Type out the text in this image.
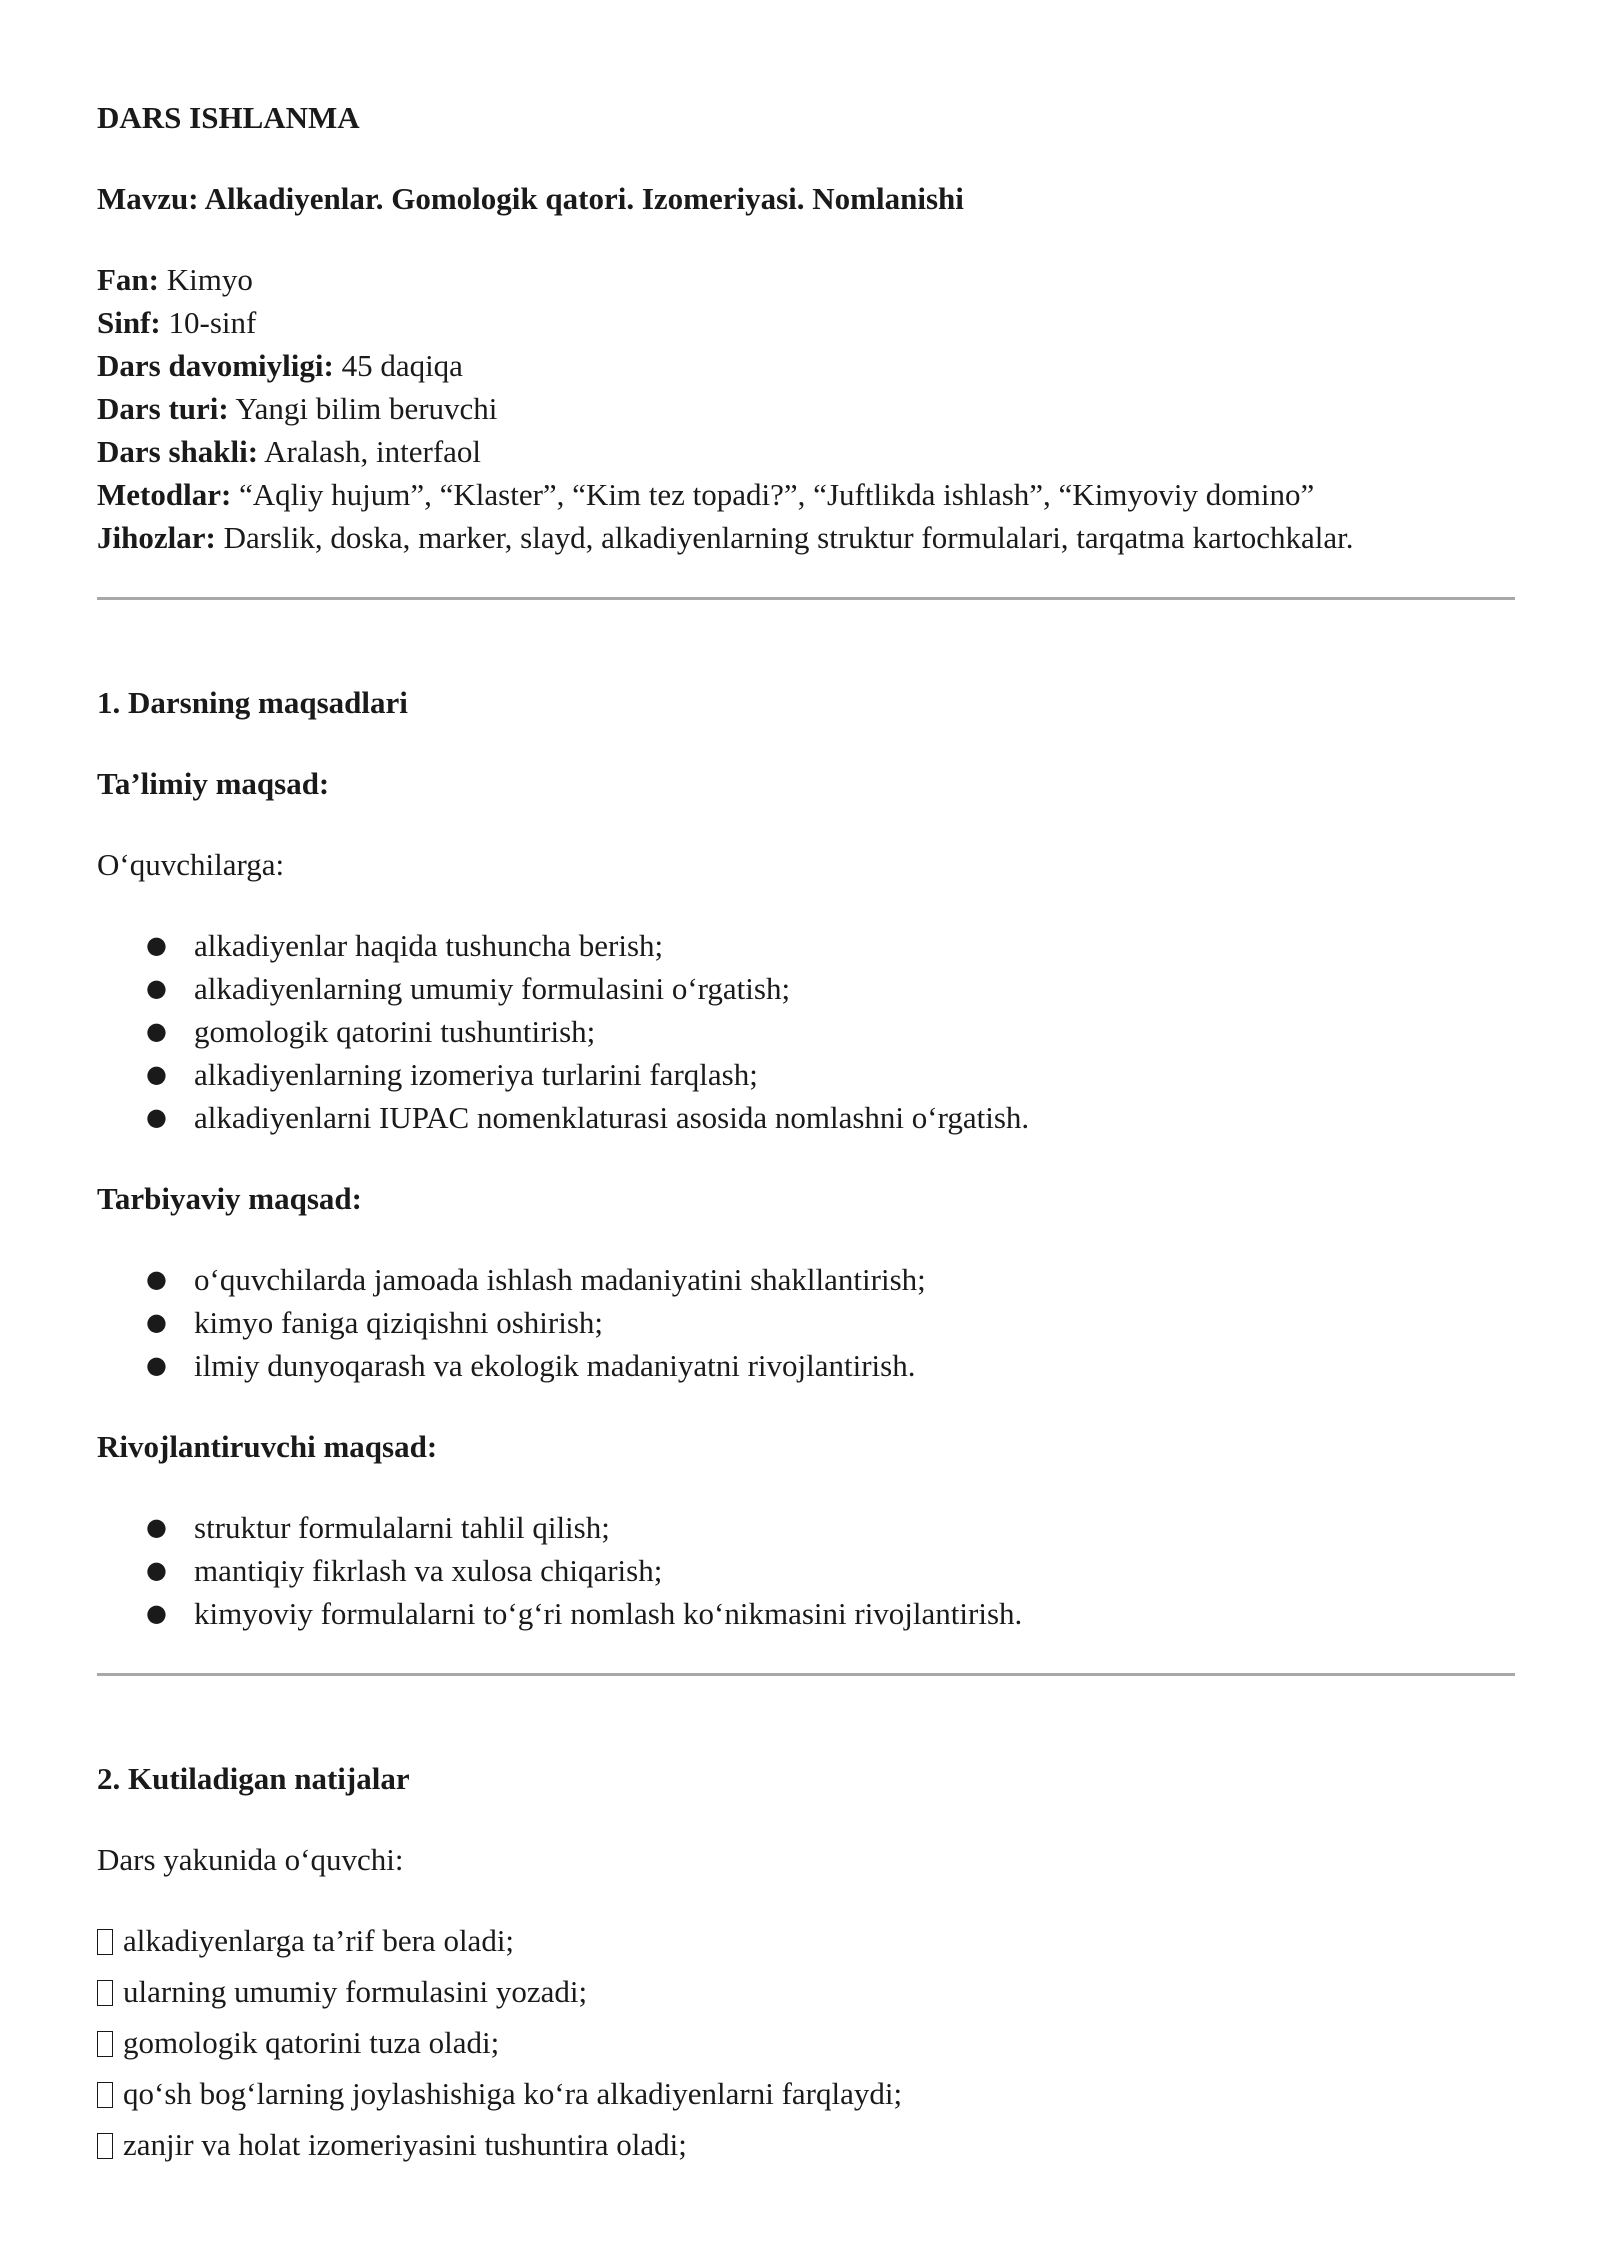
DARS ISHLANMA

Mavzu: Alkadiyenlar. Gomologik qatori. Izomeriyasi. Nomlanishi

Fan: Kimyo

Sinf: 10-sinf

Dars davomiyligi: 45 daqiqa

Dars turi: Yangi bilim beruvchi

Dars shakli: Aralash, interfaol

Metodlar: “Aqliy hujum”, “Klaster”, “Kim tez topadi?”, “Juftlikda ishlash”, “Kimyoviy domino”

Jihozlar: Darslik, doska, marker, slayd, alkadiyenlarning struktur formulalari, tarqatma kartochkalar.

1. Darsning maqsadlari

Ta’limiy maqsad:

O‘quvchilarga:

● alkadiyenlar haqida tushuncha berish;
● alkadiyenlarning umumiy formulasini o‘rgatish;
● gomologik qatorini tushuntirish;
● alkadiyenlarning izomeriya turlarini farqlash;
● alkadiyenlarni IUPAC nomenklaturasi asosida nomlashni o‘rgatish.

Tarbiyaviy maqsad:

● o‘quvchilarda jamoada ishlash madaniyatini shakllantirish;
● kimyo faniga qiziqishni oshirish;
● ilmiy dunyoqarash va ekologik madaniyatni rivojlantirish.

Rivojlantiruvchi maqsad:

● struktur formulalarni tahlil qilish;
● mantiqiy fikrlash va xulosa chiqarish;
● kimyoviy formulalarni to‘g‘ri nomlash ko‘nikmasini rivojlantirish.

2. Kutiladigan natijalar

Dars yakunida o‘quvchi:

alkadiyenlarga ta’rif bera oladi;

ularning umumiy formulasini yozadi;

gomologik qatorini tuza oladi;

qo‘sh bog‘larning joylashishiga ko‘ra alkadiyenlarni farqlaydi;

zanjir va holat izomeriyasini tushuntira oladi;
